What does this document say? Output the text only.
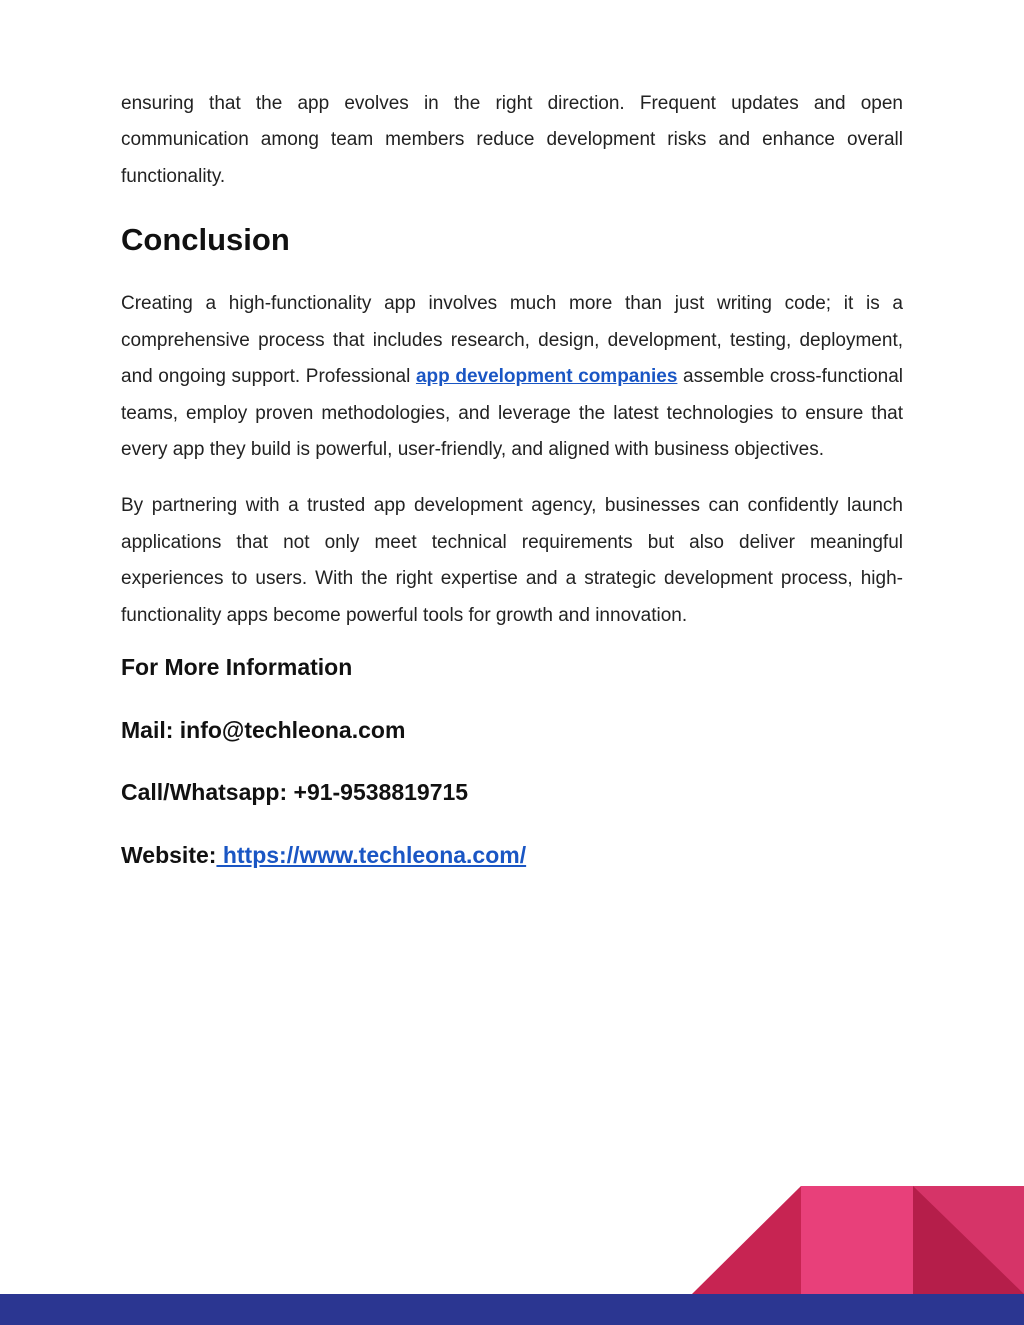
ensuring that the app evolves in the right direction. Frequent updates and open communication among team members reduce development risks and enhance overall functionality.

Conclusion

Creating a high-functionality app involves much more than just writing code; it is a comprehensive process that includes research, design, development, testing, deployment, and ongoing support. Professional app development companies assemble cross-functional teams, employ proven methodologies, and leverage the latest technologies to ensure that every app they build is powerful, user-friendly, and aligned with business objectives.

By partnering with a trusted app development agency, businesses can confidently launch applications that not only meet technical requirements but also deliver meaningful experiences to users. With the right expertise and a strategic development process, high-functionality apps become powerful tools for growth and innovation.

For More Information

Mail: info@techleona.com

Call/Whatsapp: +91-9538819715

Website: https://www.techleona.com/
